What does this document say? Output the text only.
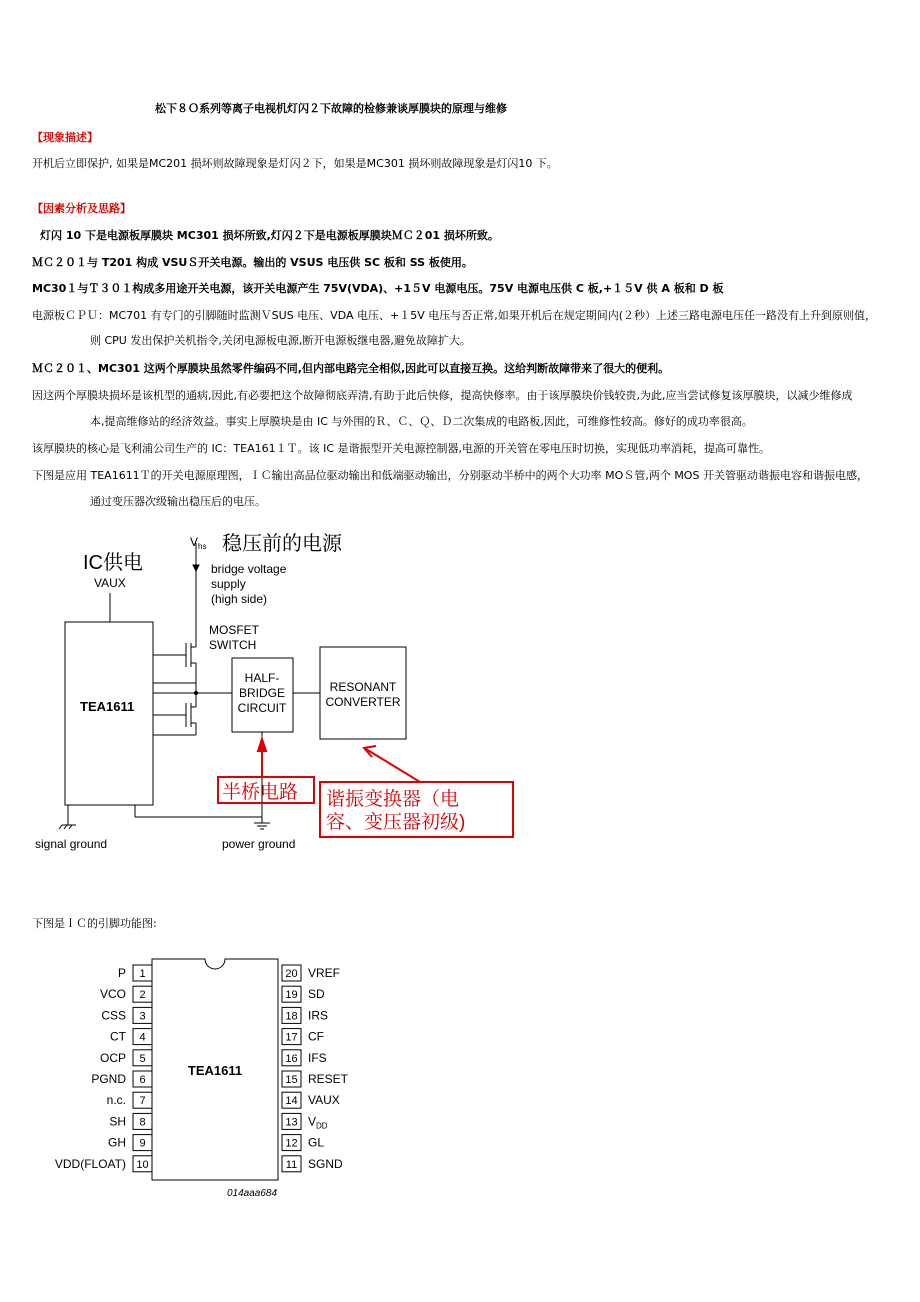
松下８Ｏ系列等离子电视机灯闪２下故障的检修兼谈厚膜块的原理与维修
【现象描述】
开机后立即保护, 如果是MC201 损坏则故障现象是灯闪２下，如果是MC301 损坏则故障现象是灯闪10 下。
【因素分析及思路】
灯闪 10 下是电源板厚膜块 MC301 损坏所致,灯闪２下是电源板厚膜块ＭＣ２01 损坏所致。
ＭＣ２０１与 T201 构成 VSUＳ开关电源。输出的 VSUS 电压供 SC 板和 SS 板使用。
MC30１与Ｔ３０１构成多用途开关电源，该开关电源产生 75V(VDA)、+1５V 电源电压。75V 电源电压供 C 板,+１５V 供 A 板和 D 板
电源板ＣＰＵ：MC701 有专门的引脚随时监测ＶSUS 电压、VDA 电压、+１5V 电压与否正常,如果开机后在规定期间内(２秒）上述三路电源电压任一路没有上升到原则值，
则 CPU 发出保护关机指令,关闭电源板电源,断开电源板继电器,避免故障扩大。
ＭＣ２０１、MC301 这两个厚膜块虽然零件编码不同,但内部电路完全相似,因此可以直接互换。这给判断故障带来了很大的便利。
因这两个厚膜块损坏是该机型的通病,因此,有必要把这个故障彻底弄清,有助于此后快修，提高快修率。由于该厚膜块价钱较贵,为此,应当尝试修复该厚膜块，以减少维修成
本,提高维修站的经济效益。事实上厚膜块是由 IC 与外围的Ｒ、Ｃ、Ｑ、Ｄ二次集成的电路板,因此，可维修性较高。修好的成功率很高。
该厚膜块的核心是飞利浦公司生产的 IC：TEA161１Ｔ。该 IC 是谐振型开关电源控制器,电源的开关管在零电压时切换，实现低功率消耗，提高可靠性。
下图是应用 TEA1611Ｔ的开关电源原理图，ＩＣ输出高品位驱动输出和低端驱动输出，分别驱动半桥中的两个大功率 MOＳ管,两个 MOS 开关管驱动谐振电容和谐振电感，
通过变压器次级输出稳压后的电压。
IC供电
VAUX
$V_{hs}$ 稳压前的电源
bridge voltage
supply
(high side)
MOSFET
SWITCH
TEA1611
HALF-
BRIDGE
CIRCUIT
RESONANT
CONVERTER
signal ground	power ground
半桥电路 谐振变换器（电
容、变压器初级)
下图是ＩＣ的引脚功能图:
TEA1611
014aaa684
1
P
2
VCO
3
CSS
4
CT
5
OCP
6
PGND
7
n.c.
8
SH
9
GH
10
VDD(FLOAT)
20 VREF
19 SD
18 IRS
17 CF
16 IFS
15 RESET
14 VAUX
13 $V_{DD}$
12 GL
11 SGND
